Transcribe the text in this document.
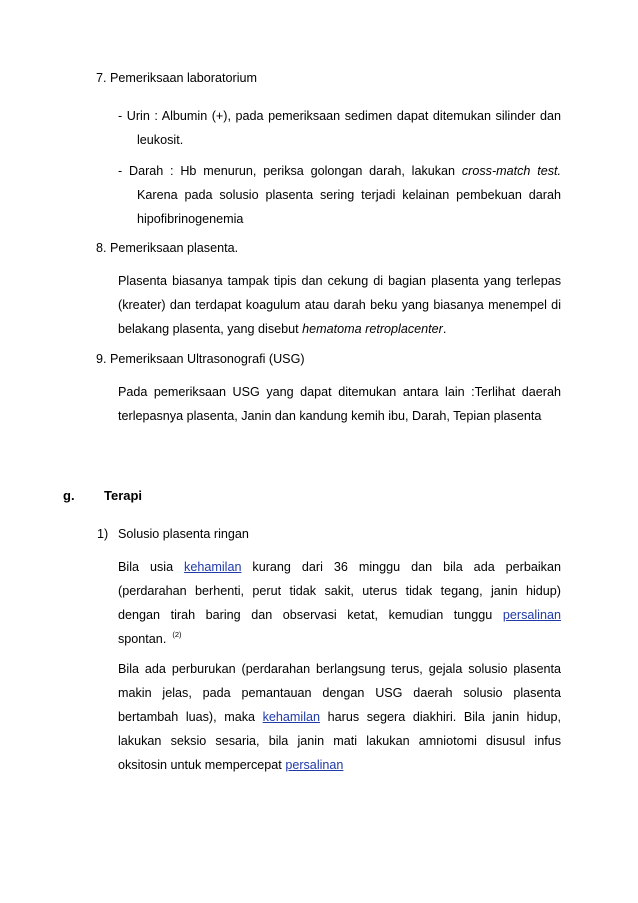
7. Pemeriksaan laboratorium
- Urin : Albumin (+), pada pemeriksaan sedimen dapat ditemukan silinder dan
leukosit.
- Darah : Hb menurun, periksa golongan darah, lakukan cross-match test.
Karena pada solusio plasenta sering terjadi kelainan pembekuan darah
hipofibrinogenemia
8. Pemeriksaan plasenta.
Plasenta biasanya tampak tipis dan cekung di bagian plasenta yang terlepas
(kreater) dan terdapat koagulum atau darah beku yang biasanya menempel di
belakang plasenta, yang disebut hematoma retroplacenter.
9. Pemeriksaan Ultrasonografi (USG)
Pada pemeriksaan USG yang dapat ditemukan antara lain :Terlihat daerah
terlepasnya plasenta, Janin dan kandung kemih ibu, Darah, Tepian plasenta
g. Terapi
1) Solusio plasenta ringan
Bila usia kehamilan kurang dari 36 minggu dan bila ada perbaikan
(perdarahan berhenti, perut tidak sakit, uterus tidak tegang, janin hidup)
dengan tirah baring dan observasi ketat, kemudian tunggu persalinan
spontan. $^{(2)}$
Bila ada perburukan (perdarahan berlangsung terus, gejala solusio plasenta
makin jelas, pada pemantauan dengan USG daerah solusio plasenta
bertambah luas), maka kehamilan harus segera diakhiri. Bila janin hidup,
lakukan seksio sesaria, bila janin mati lakukan amniotomi disusul infus
oksitosin untuk mempercepat persalinan
